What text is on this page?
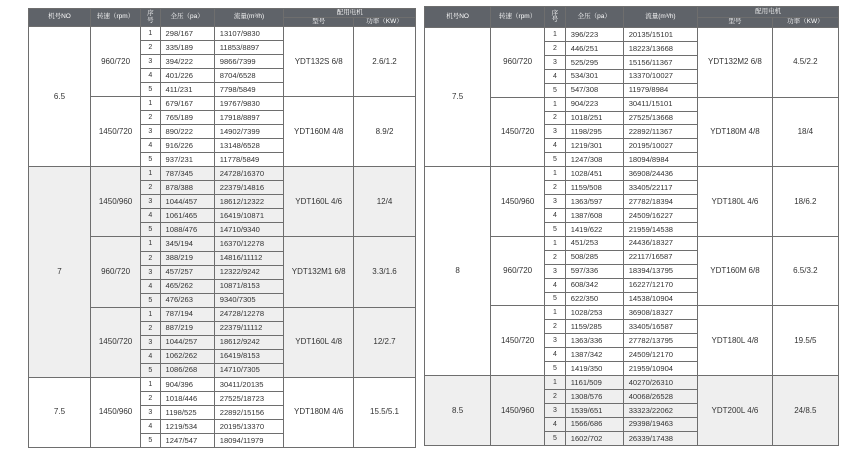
机号NO	转速（rpm）	序
号	全压（pa）	流量(m³/h)	配用电机	
					型号	功率（KW）
6.5	960/720	1	298/167	13107/9830	YDT132S 6/8	2.6/1.2
		2	335/189	11853/8897		
		3	394/222	9866/7399		
		4	401/226	8704/6528		
		5	411/231	7798/5849		
	1450/720	1	679/167	19767/9830	YDT160M 4/8	8.9/2
		2	765/189	17918/8897		
		3	890/222	14902/7399		
		4	916/226	13148/6528		
		5	937/231	11778/5849		
7	1450/960	1	787/345	24728/16370	YDT160L 4/6	12/4
		2	878/388	22379/14816		
		3	1044/457	18612/12322		
		4	1061/465	16419/10871		
		5	1088/476	14710/9340		
	960/720	1	345/194	16370/12278	YDT132M1 6/8	3.3/1.6
		2	388/219	14816/11112		
		3	457/257	12322/9242		
		4	465/262	10871/8153		
		5	476/263	9340/7305		
	1450/720	1	787/194	24728/12278	YDT160L 4/8	12/2.7
		2	887/219	22379/11112		
		3	1044/257	18612/9242		
		4	1062/262	16419/8153		
		5	1086/268	14710/7305		
7.5	1450/960	1	904/396	30411/20135	YDT180M 4/6	15.5/5.1
		2	1018/446	27525/18723		
		3	1198/525	22892/15156		
		4	1219/534	20195/13370		
		5	1247/547	18094/11979		
机号NO	转速（rpm）	序
号	全压（pa）	流量(m³/h)	配用电机	
					型号	功率（KW）
7.5	960/720	1	396/223	20135/15101	YDT132M2 6/8	4.5/2.2
		2	446/251	18223/13668		
		3	525/295	15156/11367		
		4	534/301	13370/10027		
		5	547/308	11979/8984		
	1450/720	1	904/223	30411/15101	YDT180M 4/8	18/4
		2	1018/251	27525/13668		
		3	1198/295	22892/11367		
		4	1219/301	20195/10027		
		5	1247/308	18094/8984		
8	1450/960	1	1028/451	36908/24436	YDT180L 4/6	18/6.2
		2	1159/508	33405/22117		
		3	1363/597	27782/18394		
		4	1387/608	24509/16227		
		5	1419/622	21959/14538		
	960/720	1	451/253	24436/18327	YDT160M 6/8	6.5/3.2
		2	508/285	22117/16587		
		3	597/336	18394/13795		
		4	608/342	16227/12170		
		5	622/350	14538/10904		
	1450/720	1	1028/253	36908/18327	YDT180L 4/8	19.5/5
		2	1159/285	33405/16587		
		3	1363/336	27782/13795		
		4	1387/342	24509/12170		
		5	1419/350	21959/10904		
8.5	1450/960	1	1161/509	40270/26310	YDT200L 4/6	24/8.5
		2	1308/576	40068/26528		
		3	1539/651	33323/22062		
		4	1566/686	29398/19463		
		5	1602/702	26339/17438		
